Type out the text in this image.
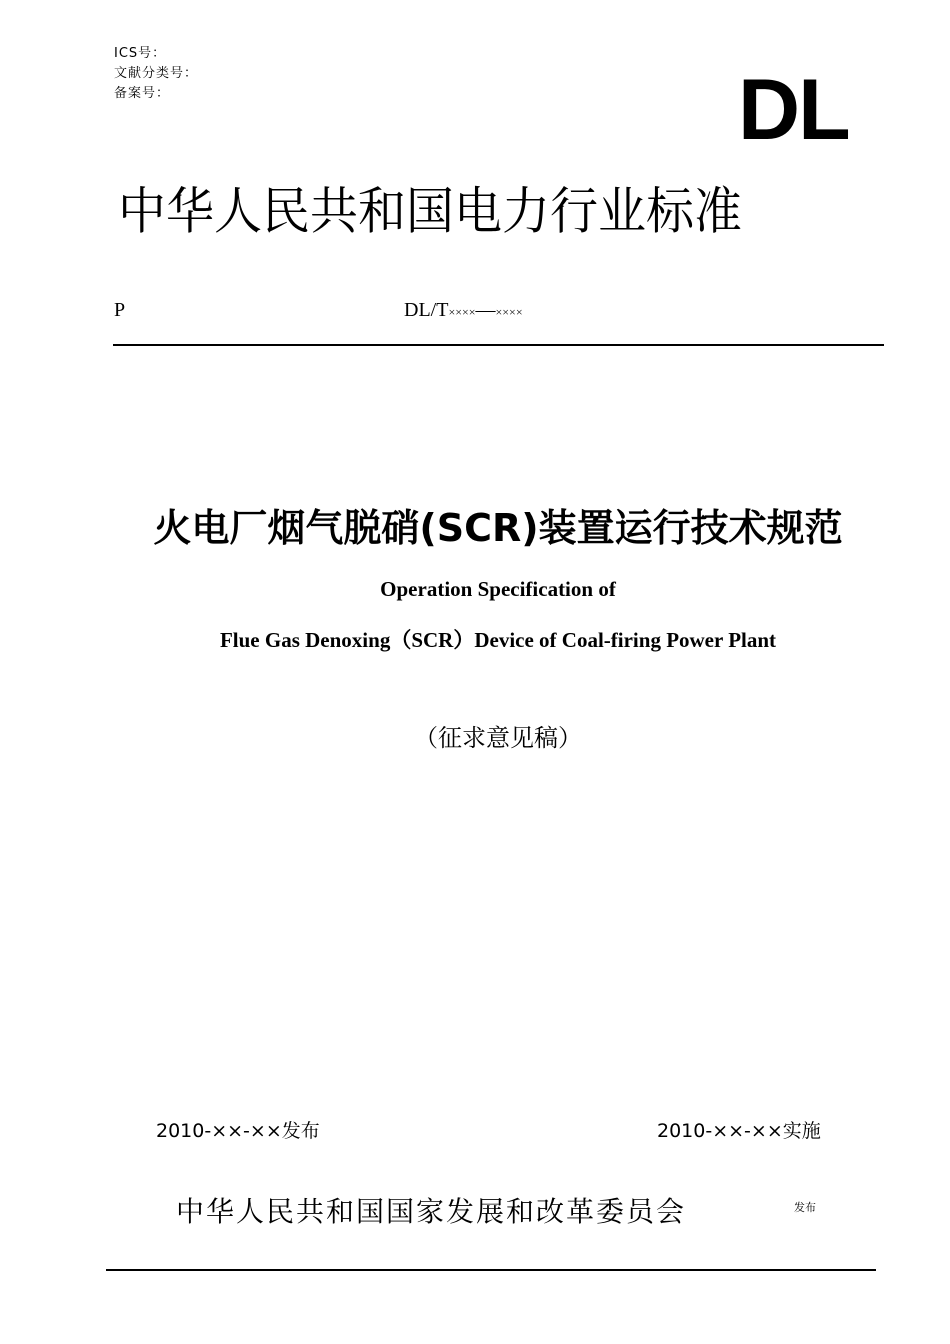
ICS号：
文献分类号：
备案号：	DL
中华人民共和国电力行业标准
P	DL/T××××—××××
火电厂烟气脱硝(SCR)装置运行技术规范
Operation Specification of
Flue Gas Denoxing（SCR）Device of Coal-firing Power Plant
（征求意见稿）
2010-××-××发布	2010-××-××实施
中华人民共和国国家发展和改革委员会	发布
